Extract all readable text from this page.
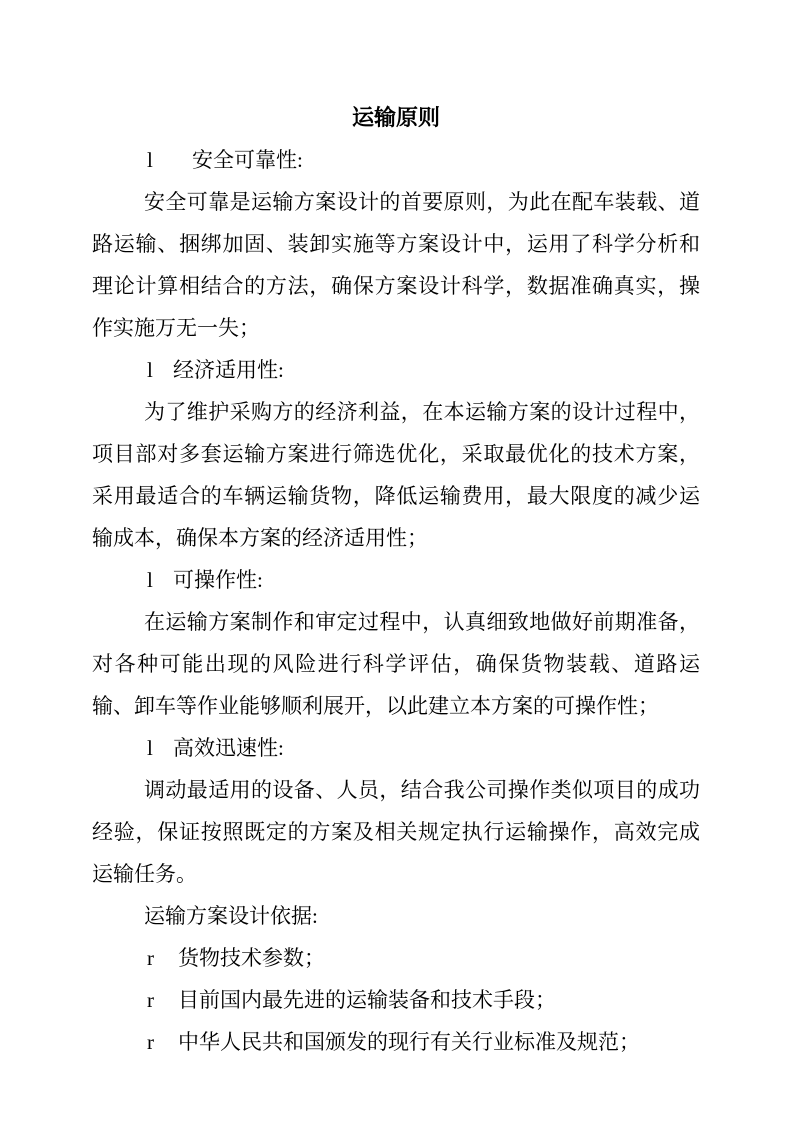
运输原则
l 安全可靠性:

安全可靠是运输方案设计的首要原则，为此在配车装载、道路运输、捆绑加固、装卸实施等方案设计中，运用了科学分析和理论计算相结合的方法，确保方案设计科学，数据准确真实，操作实施万无一失；

l 经济适用性:

为了维护采购方的经济利益，在本运输方案的设计过程中，项目部对多套运输方案进行筛选优化，采取最优化的技术方案，采用最适合的车辆运输货物，降低运输费用，最大限度的减少运输成本，确保本方案的经济适用性；

l 可操作性:

在运输方案制作和审定过程中，认真细致地做好前期准备，对各种可能出现的风险进行科学评估，确保货物装载、道路运输、卸车等作业能够顺利展开，以此建立本方案的可操作性；

l 高效迅速性:

调动最适用的设备、人员，结合我公司操作类似项目的成功经验，保证按照既定的方案及相关规定执行运输操作，高效完成运输任务。

运输方案设计依据:

r 货物技术参数；
r 目前国内最先进的运输装备和技术手段；
r 中华人民共和国颁发的现行有关行业标准及规范；
